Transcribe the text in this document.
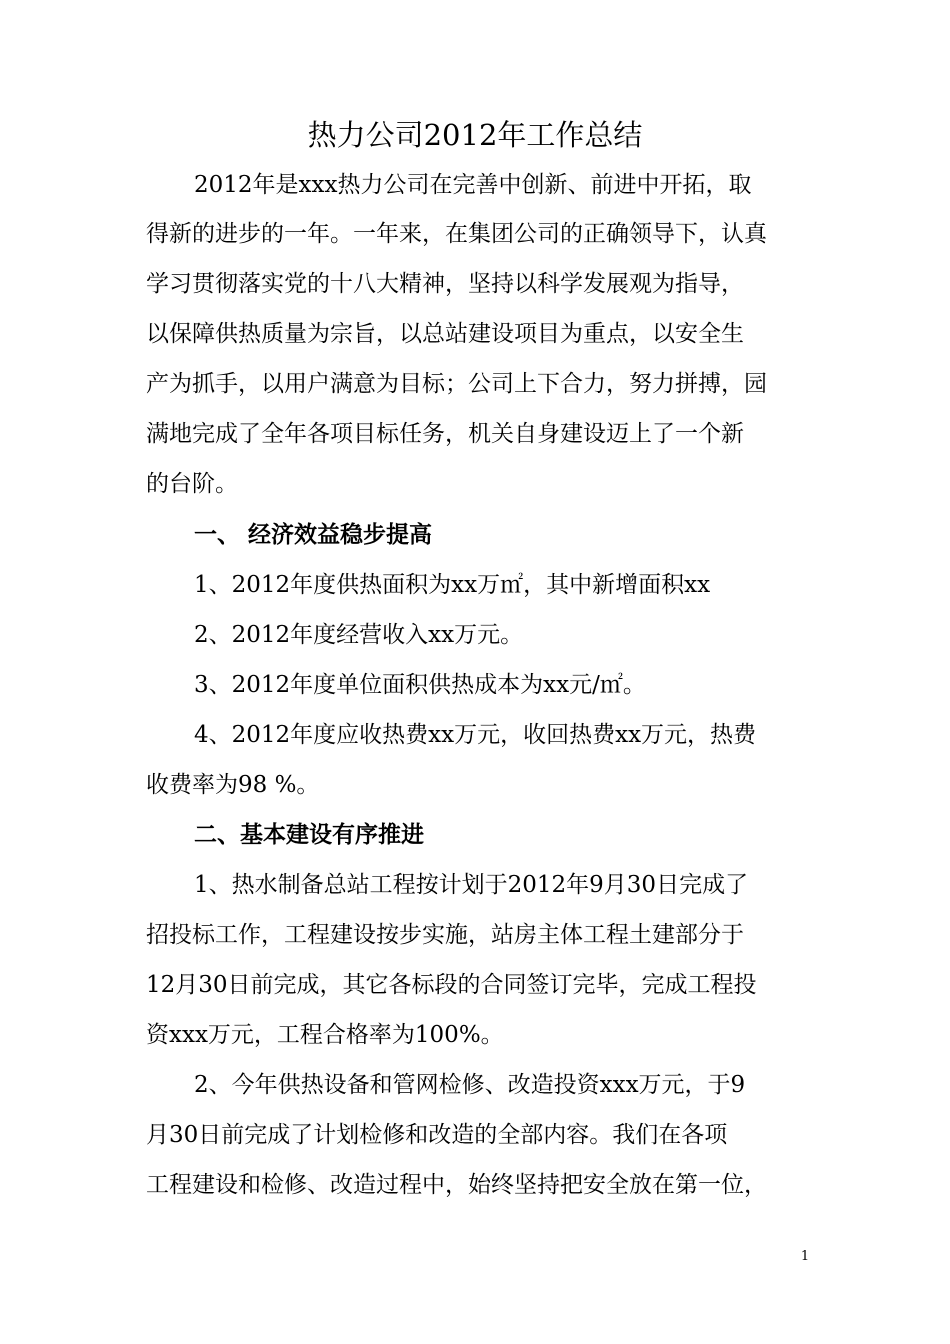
热力公司2012年工作总结
2012年是xxx热力公司在完善中创新、前进中开拓，取
得新的进步的一年。一年来，在集团公司的正确领导下，认真
学习贯彻落实党的十八大精神，坚持以科学发展观为指导，
以保障供热质量为宗旨，以总站建设项目为重点，以安全生
产为抓手，以用户满意为目标；公司上下合力，努力拼搏，园
满地完成了全年各项目标任务，机关自身建设迈上了一个新
的台阶。
一、 经济效益稳步提高
1、2012年度供热面积为xx万㎡，其中新增面积xx
2、2012年度经营收入xx万元。
3、2012年度单位面积供热成本为xx元/㎡。
4、2012年度应收热费xx万元，收回热费xx万元，热费
收费率为98 %。
二、基本建设有序推进
1、热水制备总站工程按计划于2012年9月30日完成了
招投标工作，工程建设按步实施，站房主体工程土建部分于
12月30日前完成，其它各标段的合同签订完毕，完成工程投
资xxx万元，工程合格率为100%。
2、今年供热设备和管网检修、改造投资xxx万元，于9
月30日前完成了计划检修和改造的全部内容。我们在各项
工程建设和检修、改造过程中，始终坚持把安全放在第一位，
1
